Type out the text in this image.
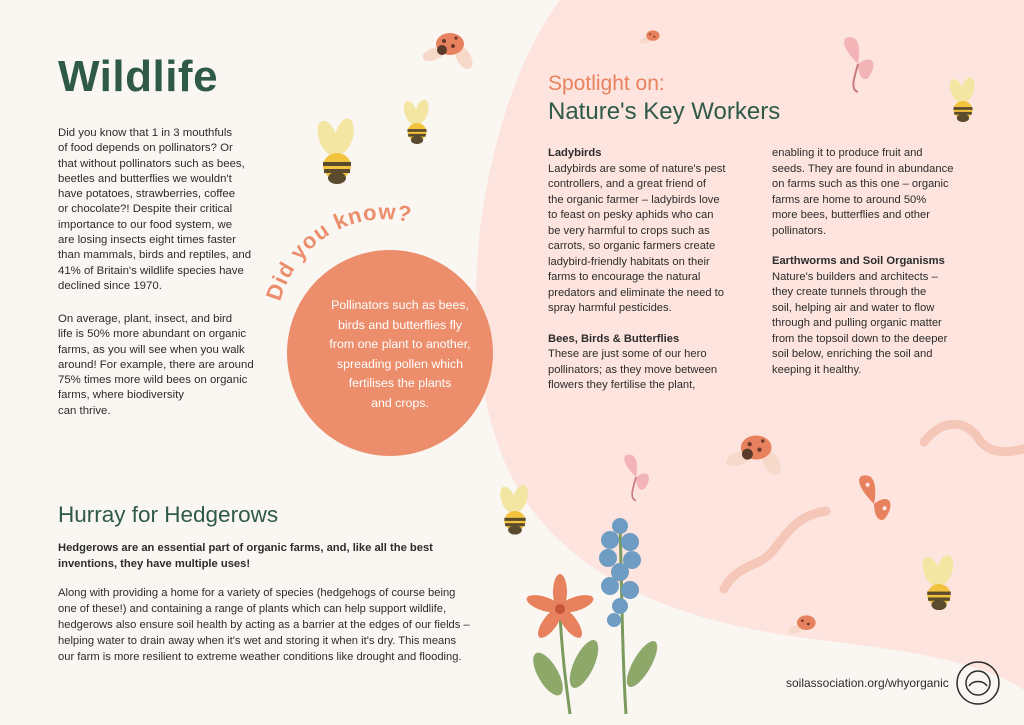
Wildlife

Did you know that 1 in 3 mouthfuls
of food depends on pollinators? Or
that without pollinators such as bees,
beetles and butterflies we wouldn't
have potatoes, strawberries, coffee
or chocolate?! Despite their critical
importance to our food system, we
are losing insects eight times faster
than mammals, birds and reptiles, and
41% of Britain's wildlife species have
declined since 1970.

On average, plant, insect, and bird
life is 50% more abundant on organic
farms, as you will see when you walk
around! For example, there are around
75% times more wild bees on organic
farms, where biodiversity
can thrive.

Did you know?

Pollinators such as bees,
birds and butterflies fly
from one plant to another,
spreading pollen which
fertilises the plants
and crops.

Spotlight on:
Nature's Key Workers

Ladybirds

Ladybirds are some of nature's pest
controllers, and a great friend of
the organic farmer – ladybirds love
to feast on pesky aphids who can
be very harmful to crops such as
carrots, so organic farmers create
ladybird-friendly habitats on their
farms to encourage the natural
predators and eliminate the need to
spray harmful pesticides.

Bees, Birds & Butterflies

These are just some of our hero
pollinators; as they move between
flowers they fertilise the plant,

enabling it to produce fruit and
seeds. They are found in abundance
on farms such as this one – organic
farms are home to around 50%
more bees, butterflies and other
pollinators.

Earthworms and Soil Organisms

Nature's builders and architects –
they create tunnels through the
soil, helping air and water to flow
through and pulling organic matter
from the topsoil down to the deeper
soil below, enriching the soil and
keeping it healthy.

Hurray for Hedgerows

Hedgerows are an essential part of organic farms, and, like all the best
inventions, they have multiple uses!

Along with providing a home for a variety of species (hedgehogs of course being
one of these!) and containing a range of plants which can help support wildlife,
hedgerows also ensure soil health by acting as a barrier at the edges of our fields –
helping water to drain away when it's wet and storing it when it's dry. This means
our farm is more resilient to extreme weather conditions like drought and flooding.

soilassociation.org/whyorganic
